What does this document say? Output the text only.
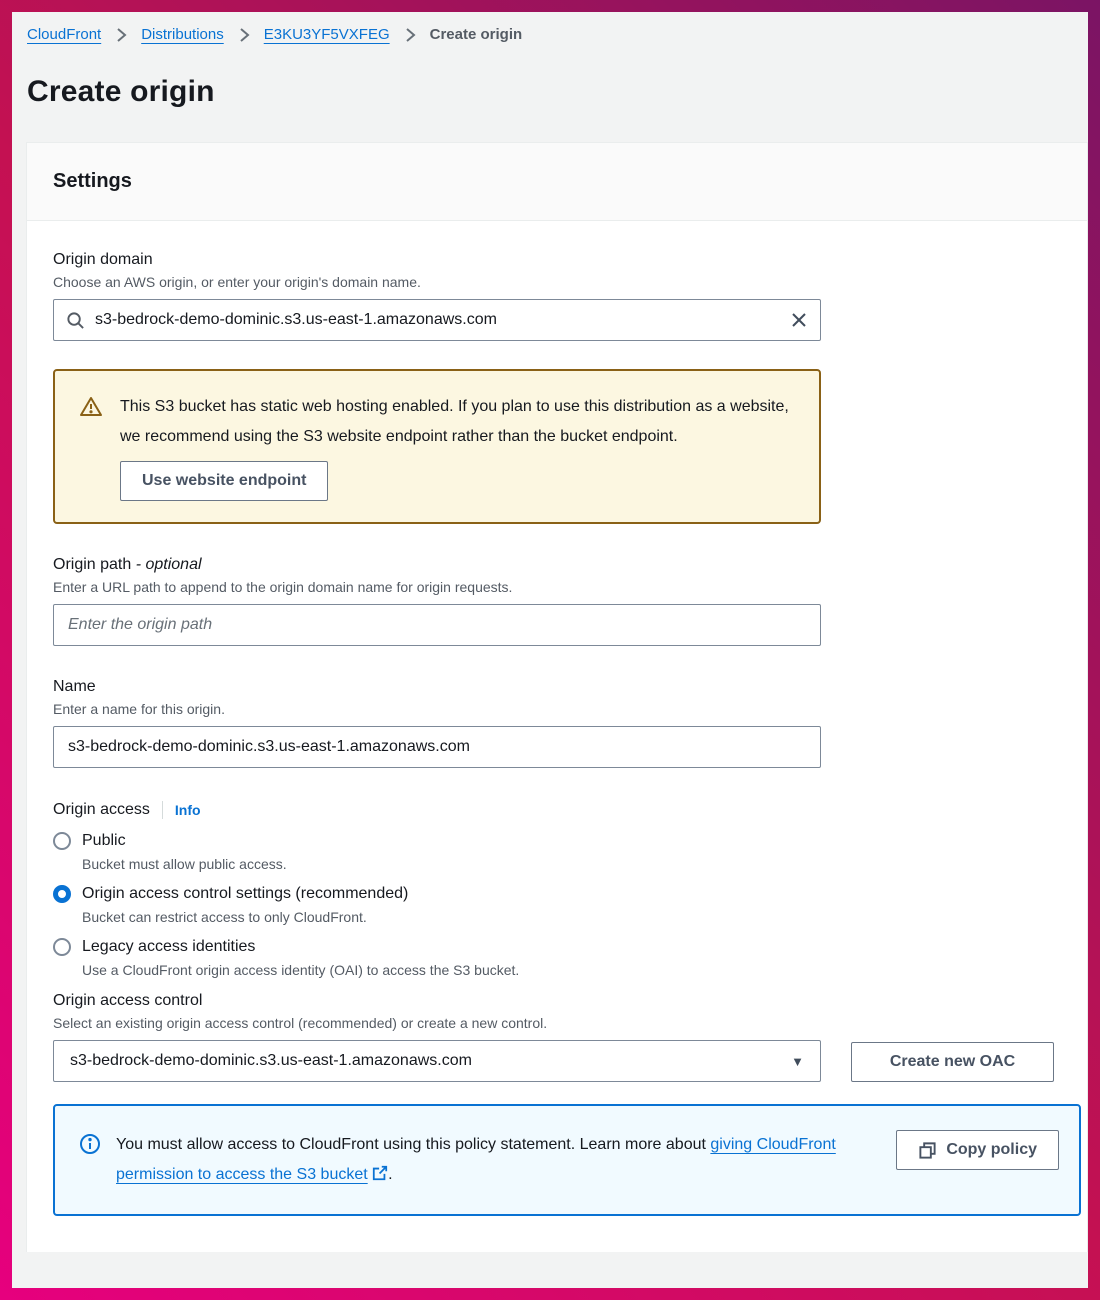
CloudFront	Distributions	E3KU3YF5VXFEG	Create origin
Create origin
Settings
Origin domain
Choose an AWS origin, or enter your origin's domain name.
s3-bedrock-demo-dominic.s3.us-east-1.amazonaws.com
This S3 bucket has static web hosting enabled. If you plan to use this distribution as a website, we recommend using the S3 website endpoint rather than the bucket endpoint.
Use website endpoint
Origin path - optional
Enter a URL path to append to the origin domain name for origin requests.
Enter the origin path
Name
Enter a name for this origin.
s3-bedrock-demo-dominic.s3.us-east-1.amazonaws.com
Origin access Info
Public
Bucket must allow public access.
Origin access control settings (recommended)
Bucket can restrict access to only CloudFront.
Legacy access identities
Use a CloudFront origin access identity (OAI) to access the S3 bucket.
Origin access control
Select an existing origin access control (recommended) or create a new control.
s3-bedrock-demo-dominic.s3.us-east-1.amazonaws.com	▼	Create new OAC
You must allow access to CloudFront using this policy statement. Learn more about giving CloudFront permission to access the S3 bucket .
Copy policy
